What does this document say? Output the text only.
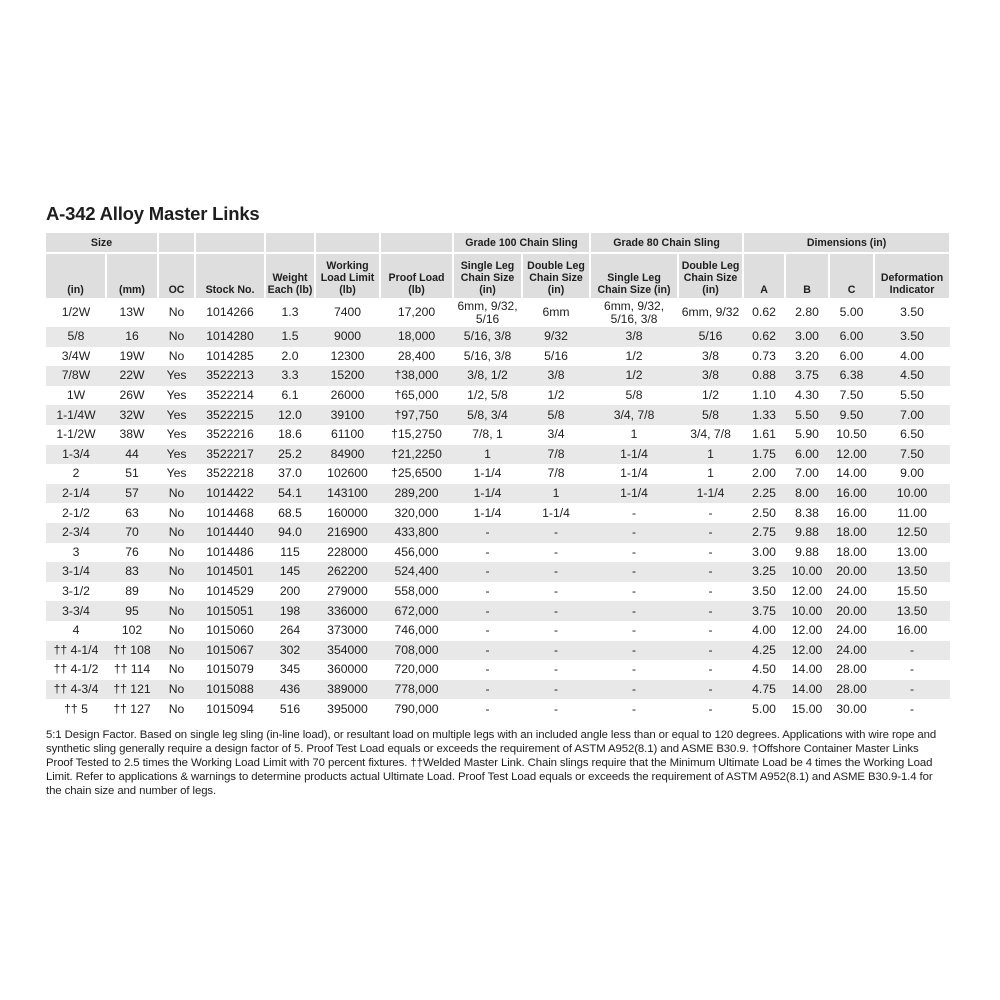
A-342 Alloy Master Links
Size							Grade 100 Chain Sling		Grade 80 Chain Sling		Dimensions (in)			
(in)	(mm)	OC	Stock No.	Weight Each (lb)	Working Load Limit (lb)	Proof Load (lb)	Single Leg Chain Size (in)	Double Leg Chain Size (in)	Single Leg Chain Size (in)	Double Leg Chain Size (in)	A	B	C	Deformation Indicator
1/2W	13W	No	1014266	1.3	7400	17,200	6mm, 9/32, 5/16	6mm	6mm, 9/32, 5/16, 3/8	6mm, 9/32	0.62	2.80	5.00	3.50
5/8	16	No	1014280	1.5	9000	18,000	5/16, 3/8	9/32	3/8	5/16	0.62	3.00	6.00	3.50
3/4W	19W	No	1014285	2.0	12300	28,400	5/16, 3/8	5/16	1/2	3/8	0.73	3.20	6.00	4.00
7/8W	22W	Yes	3522213	3.3	15200	†38,000	3/8, 1/2	3/8	1/2	3/8	0.88	3.75	6.38	4.50
1W	26W	Yes	3522214	6.1	26000	†65,000	1/2, 5/8	1/2	5/8	1/2	1.10	4.30	7.50	5.50
1-1/4W	32W	Yes	3522215	12.0	39100	†97,750	5/8, 3/4	5/8	3/4, 7/8	5/8	1.33	5.50	9.50	7.00
1-1/2W	38W	Yes	3522216	18.6	61100	†15,2750	7/8, 1	3/4	1	3/4, 7/8	1.61	5.90	10.50	6.50
1-3/4	44	Yes	3522217	25.2	84900	†21,2250	1	7/8	1-1/4	1	1.75	6.00	12.00	7.50
2	51	Yes	3522218	37.0	102600	†25,6500	1-1/4	7/8	1-1/4	1	2.00	7.00	14.00	9.00
2-1/4	57	No	1014422	54.1	143100	289,200	1-1/4	1	1-1/4	1-1/4	2.25	8.00	16.00	10.00
2-1/2	63	No	1014468	68.5	160000	320,000	1-1/4	1-1/4	-	-	2.50	8.38	16.00	11.00
2-3/4	70	No	1014440	94.0	216900	433,800	-	-	-	-	2.75	9.88	18.00	12.50
3	76	No	1014486	115	228000	456,000	-	-	-	-	3.00	9.88	18.00	13.00
3-1/4	83	No	1014501	145	262200	524,400	-	-	-	-	3.25	10.00	20.00	13.50
3-1/2	89	No	1014529	200	279000	558,000	-	-	-	-	3.50	12.00	24.00	15.50
3-3/4	95	No	1015051	198	336000	672,000	-	-	-	-	3.75	10.00	20.00	13.50
4	102	No	1015060	264	373000	746,000	-	-	-	-	4.00	12.00	24.00	16.00
†† 4-1/4	†† 108	No	1015067	302	354000	708,000	-	-	-	-	4.25	12.00	24.00	-
†† 4-1/2	†† 114	No	1015079	345	360000	720,000	-	-	-	-	4.50	14.00	28.00	-
†† 4-3/4	†† 121	No	1015088	436	389000	778,000	-	-	-	-	4.75	14.00	28.00	-
†† 5	†† 127	No	1015094	516	395000	790,000	-	-	-	-	5.00	15.00	30.00	-
5:1 Design Factor. Based on single leg sling (in-line load), or resultant load on multiple legs with an included angle less than or equal to 120 degrees. Applications with wire rope and synthetic sling generally require a design factor of 5. Proof Test Load equals or exceeds the requirement of ASTM A952(8.1) and ASME B30.9. †Offshore Container Master Links Proof Tested to 2.5 times the Working Load Limit with 70 percent fixtures. ††Welded Master Link. Chain slings require that the Minimum Ultimate Load be 4 times the Working Load Limit. Refer to applications & warnings to determine products actual Ultimate Load. Proof Test Load equals or exceeds the requirement of ASTM A952(8.1) and ASME B30.9-1.4 for the chain size and number of legs.
